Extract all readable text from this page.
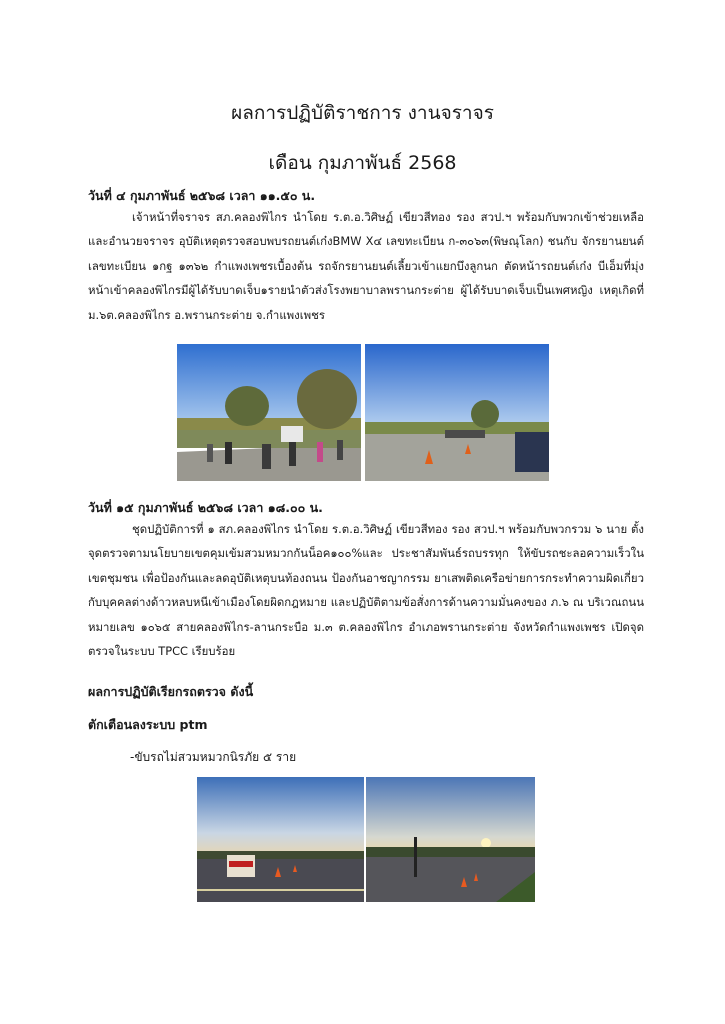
ผลการปฏิบัติราชการ งานจราจร
เดือน กุมภาพันธ์ 2568
วันที่ ๔ กุมภาพันธ์ ๒๕๖๘ เวลา ๑๑.๕๐ น.

เจ้าหน้าที่จราจร สภ.คลองพิไกร นำโดย ร.ต.อ.วิศิษฏ์ เขียวสีทอง รอง สวป.ฯ พร้อมกับพวกเข้าช่วยเหลือและอำนวยจราจร อุบัติเหตุตรวจสอบพบรถยนต์เก๋งBMW X๔ เลขทะเบียน ก-๓๐๖๓(พิษณุโลก) ชนกับ จักรยานยนต์ เลขทะเบียน ๑กฐ ๑๓๖๒ กำแพงเพชรเบื้องต้น รถจักรยานยนต์เลี้ยวเข้าแยกบึงลูกนก ตัดหน้ารถยนต์เก๋ง บีเอ็มที่มุ่งหน้าเข้าคลองพิไกรมีผู้ได้รับบาดเจ็บ๑รายนำตัวส่งโรงพยาบาลพรานกระต่าย ผู้ได้รับบาดเจ็บเป็นเพศหญิง เหตุเกิดที่ ม.๖ต.คลองพิไกร อ.พรานกระต่าย จ.กำแพงเพชร

วันที่ ๑๕ กุมภาพันธ์ ๒๕๖๘ เวลา ๑๘.๐๐ น.

ชุดปฏิบัติการที่ ๑ สภ.คลองพิไกร นำโดย ร.ต.อ.วิศิษฏ์ เขียวสีทอง รอง สวป.ฯ พร้อมกับพวกรวม ๖ นาย ตั้งจุดตรวจตามนโยบายเขตคุมเข้มสวมหมวกกันน็อค๑๐๐%และ ประชาสัมพันธ์รถบรรทุก ให้ขับรถชะลอความเร็วในเขตชุมชน เพื่อป้องกันและลดอุบัติเหตุบนท้องถนน ป้องกันอาชญากรรม ยาเสพติดเครือข่ายการกระทำความผิดเกี่ยวกับบุคคลต่างด้าวหลบหนีเข้าเมืองโดยผิดกฎหมาย และปฏิบัติตามข้อสั่งการด้านความมั่นคงของ ภ.๖ ณ บริเวณถนนหมายเลข ๑๐๖๕ สายคลองพิไกร-ลานกระบือ ม.๓ ต.คลองพิไกร อำเภอพรานกระต่าย จังหวัดกำแพงเพชร เปิดจุดตรวจในระบบ TPCC เรียบร้อย

ผลการปฏิบัติเรียกรถตรวจ ดังนี้
ตักเตือนลงระบบ ptm
-ขับรถไม่สวมหมวกนิรภัย ๕ ราย
